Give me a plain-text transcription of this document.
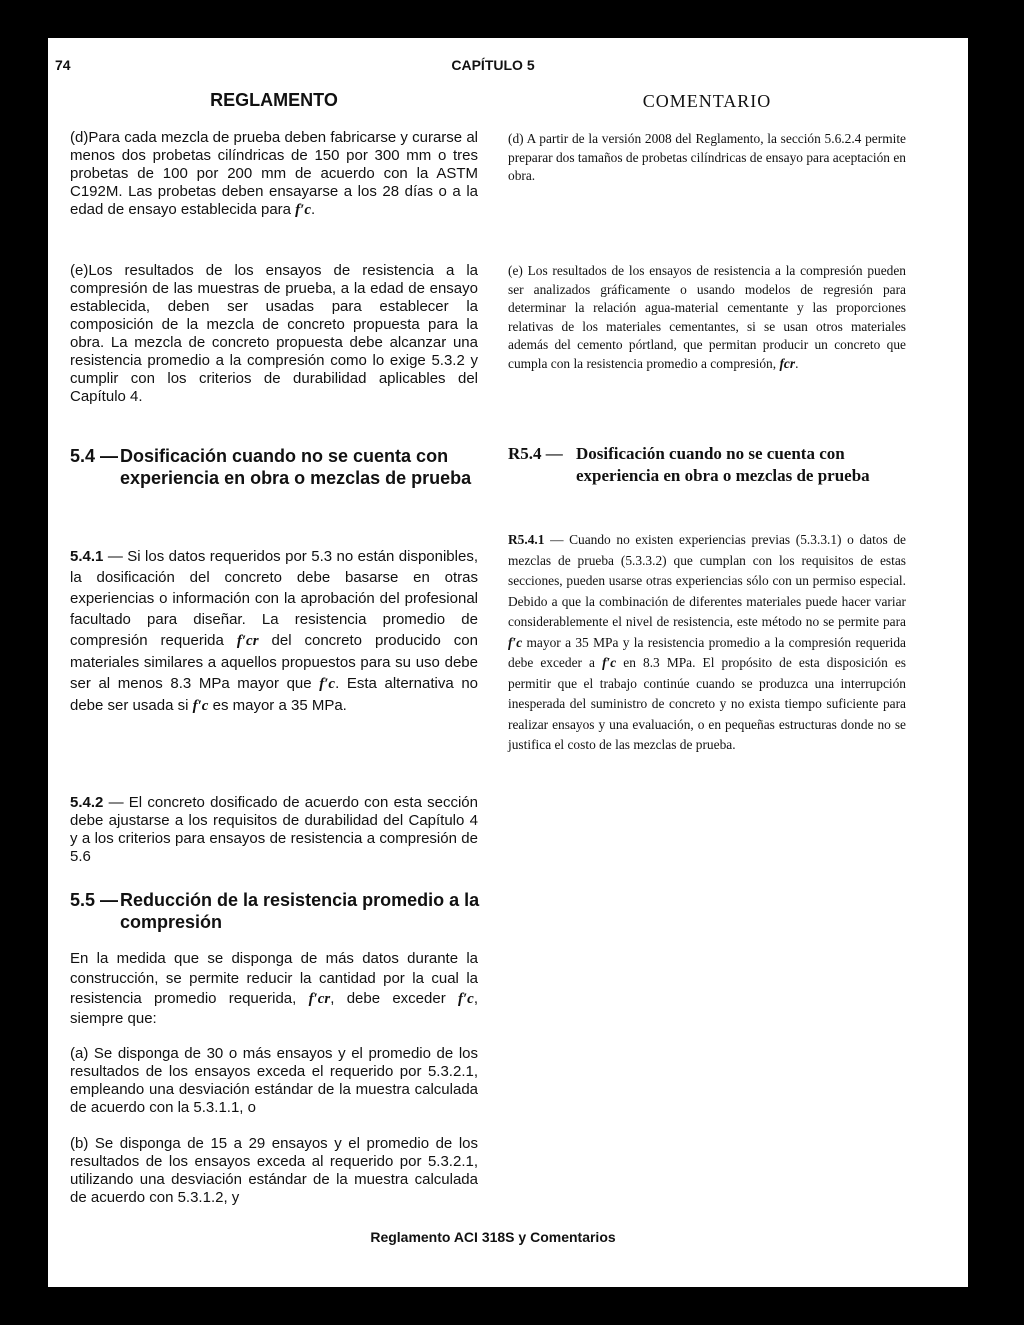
74	CAPÍTULO 5
REGLAMENTO	COMENTARIO
(d)Para cada mezcla de prueba deben fabricarse y curarse al menos dos probetas cilíndricas de 150 por 300 mm o tres probetas de 100 por 200 mm de acuerdo con la ASTM C192M. Las probetas deben ensayarse a los 28 días o a la edad de ensayo establecida para f′c.
(e)Los resultados de los ensayos de resistencia a la compresión de las muestras de prueba, a la edad de ensayo establecida, deben ser usadas para establecer la composición de la mezcla de concreto propuesta para la obra. La mezcla de concreto propuesta debe alcanzar una resistencia promedio a la compresión como lo exige 5.3.2 y cumplir con los criterios de durabilidad aplicables del Capítulo 4.
5.4 — Dosificación cuando no se cuenta con experiencia en obra o mezclas de prueba
5.4.1 — Si los datos requeridos por 5.3 no están disponibles, la dosificación del concreto debe basarse en otras experiencias o información con la aprobación del profesional facultado para diseñar. La resistencia promedio de compresión requerida f′cr del concreto producido con materiales similares a aquellos propuestos para su uso debe ser al menos 8.3 MPa mayor que f′c. Esta alternativa no debe ser usada si f′c es mayor a 35 MPa.
5.4.2 — El concreto dosificado de acuerdo con esta sección debe ajustarse a los requisitos de durabilidad del Capítulo 4 y a los criterios para ensayos de resistencia a compresión de 5.6
5.5 — Reducción de la resistencia promedio a la compresión
En la medida que se disponga de más datos durante la construcción, se permite reducir la cantidad por la cual la resistencia promedio requerida, f′cr, debe exceder f′c, siempre que:
(a) Se disponga de 30 o más ensayos y el promedio de los resultados de los ensayos exceda el requerido por 5.3.2.1, empleando una desviación estándar de la muestra calculada de acuerdo con la 5.3.1.1, o
(b) Se disponga de 15 a 29 ensayos y el promedio de los resultados de los ensayos exceda al requerido por 5.3.2.1, utilizando una desviación estándar de la muestra calculada de acuerdo con 5.3.1.2, y
(d) A partir de la versión 2008 del Reglamento, la sección 5.6.2.4 permite preparar dos tamaños de probetas cilíndricas de ensayo para aceptación en obra.
(e) Los resultados de los ensayos de resistencia a la compresión pueden ser analizados gráficamente o usando modelos de regresión para determinar la relación agua-material cementante y las proporciones relativas de los materiales cementantes, si se usan otros materiales además del cemento pórtland, que permitan producir un concreto que cumpla con la resistencia promedio a compresión, fcr.
R5.4 — Dosificación cuando no se cuenta con experiencia en obra o mezclas de prueba
R5.4.1 — Cuando no existen experiencias previas (5.3.3.1) o datos de mezclas de prueba (5.3.3.2) que cumplan con los requisitos de estas secciones, pueden usarse otras experiencias sólo con un permiso especial. Debido a que la combinación de diferentes materiales puede hacer variar considerablemente el nivel de resistencia, este método no se permite para f′c mayor a 35 MPa y la resistencia promedio a la compresión requerida debe exceder a f′c en 8.3 MPa. El propósito de esta disposición es permitir que el trabajo continúe cuando se produzca una interrupción inesperada del suministro de concreto y no exista tiempo suficiente para realizar ensayos y una evaluación, o en pequeñas estructuras donde no se justifica el costo de las mezclas de prueba.
Reglamento ACI 318S y Comentarios
